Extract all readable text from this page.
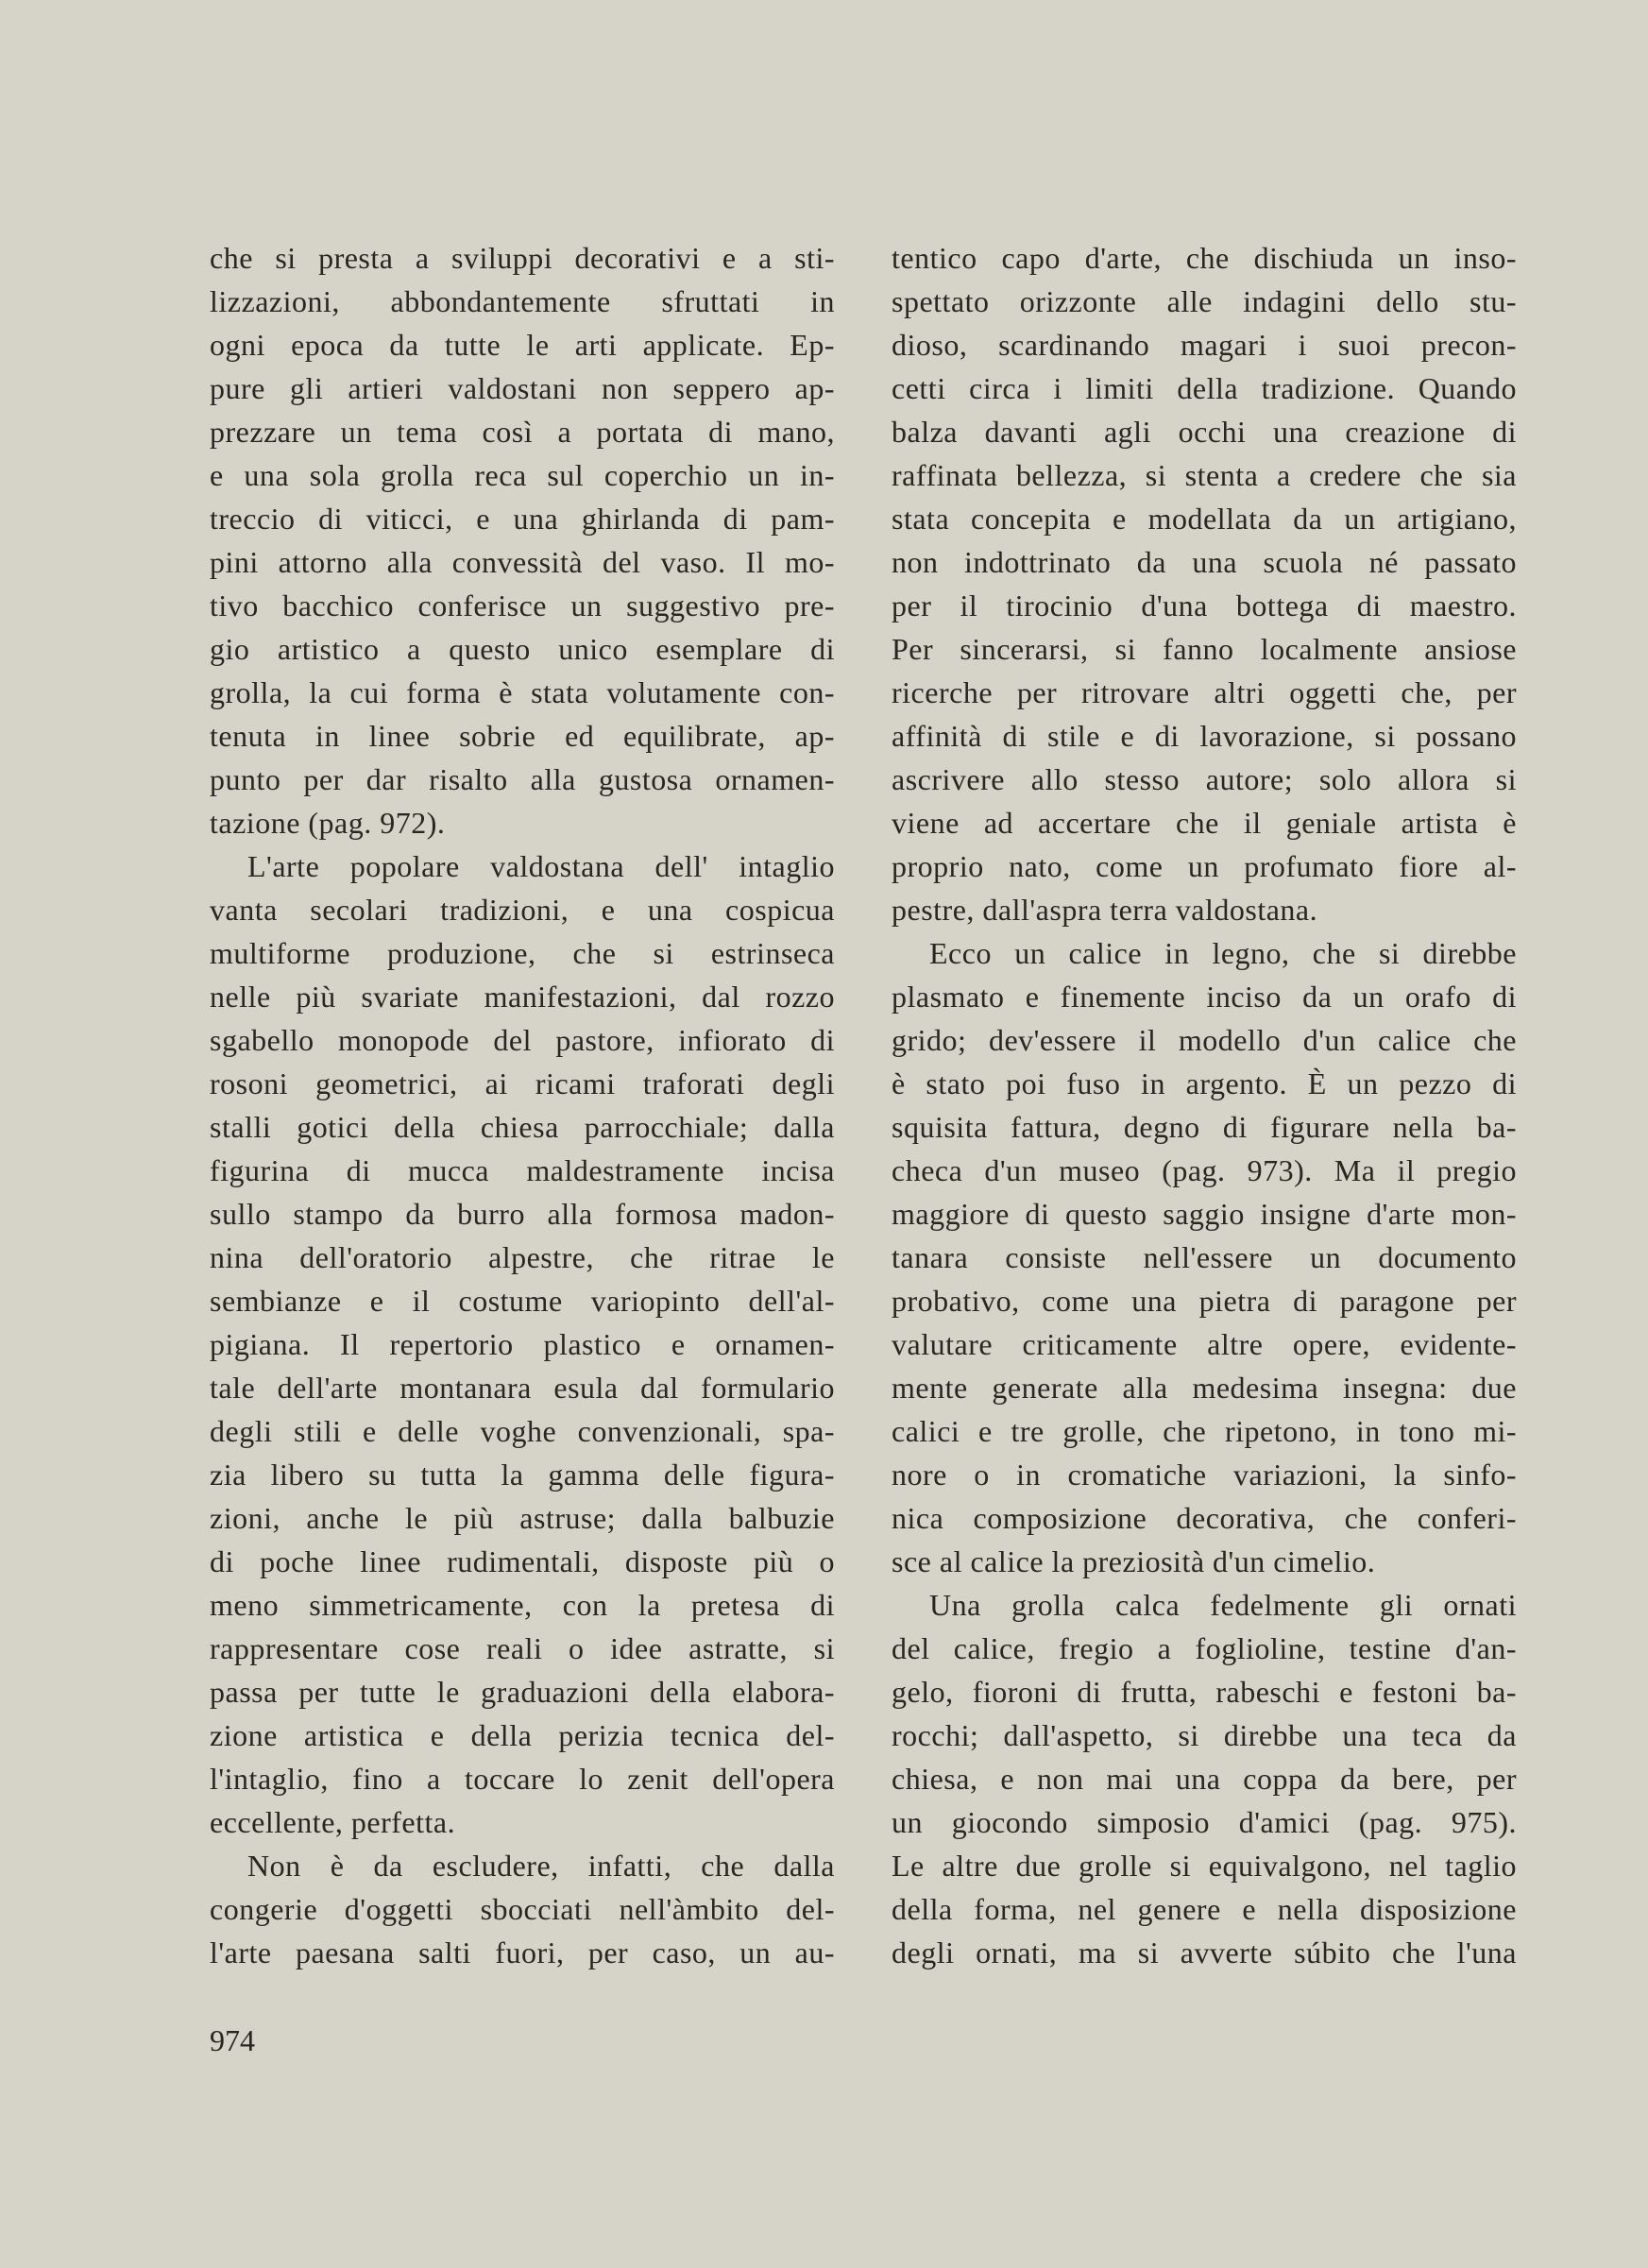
che si presta a sviluppi decorativi e a sti-
lizzazioni, abbondantemente sfruttati in
ogni epoca da tutte le arti applicate. Ep-
pure gli artieri valdostani non seppero ap-
prezzare un tema così a portata di mano,
e una sola grolla reca sul coperchio un in-
treccio di viticci, e una ghirlanda di pam-
pini attorno alla convessità del vaso. Il mo-
tivo bacchico conferisce un suggestivo pre-
gio artistico a questo unico esemplare di
grolla, la cui forma è stata volutamente con-
tenuta in linee sobrie ed equilibrate, ap-
punto per dar risalto alla gustosa ornamen-
tazione (pag. 972).
L'arte popolare valdostana dell' intaglio
vanta secolari tradizioni, e una cospicua
multiforme produzione, che si estrinseca
nelle più svariate manifestazioni, dal rozzo
sgabello monopode del pastore, infiorato di
rosoni geometrici, ai ricami traforati degli
stalli gotici della chiesa parrocchiale; dalla
figurina di mucca maldestramente incisa
sullo stampo da burro alla formosa madon-
nina dell'oratorio alpestre, che ritrae le
sembianze e il costume variopinto dell'al-
pigiana. Il repertorio plastico e ornamen-
tale dell'arte montanara esula dal formulario
degli stili e delle voghe convenzionali, spa-
zia libero su tutta la gamma delle figura-
zioni, anche le più astruse; dalla balbuzie
di poche linee rudimentali, disposte più o
meno simmetricamente, con la pretesa di
rappresentare cose reali o idee astratte, si
passa per tutte le graduazioni della elabora-
zione artistica e della perizia tecnica del-
l'intaglio, fino a toccare lo zenit dell'opera
eccellente, perfetta.
Non è da escludere, infatti, che dalla
congerie d'oggetti sbocciati nell'àmbito del-
l'arte paesana salti fuori, per caso, un au-
tentico capo d'arte, che dischiuda un inso-
spettato orizzonte alle indagini dello stu-
dioso, scardinando magari i suoi precon-
cetti circa i limiti della tradizione. Quando
balza davanti agli occhi una creazione di
raffinata bellezza, si stenta a credere che sia
stata concepita e modellata da un artigiano,
non indottrinato da una scuola né passato
per il tirocinio d'una bottega di maestro.
Per sincerarsi, si fanno localmente ansiose
ricerche per ritrovare altri oggetti che, per
affinità di stile e di lavorazione, si possano
ascrivere allo stesso autore; solo allora si
viene ad accertare che il geniale artista è
proprio nato, come un profumato fiore al-
pestre, dall'aspra terra valdostana.
Ecco un calice in legno, che si direbbe
plasmato e finemente inciso da un orafo di
grido; dev'essere il modello d'un calice che
è stato poi fuso in argento. È un pezzo di
squisita fattura, degno di figurare nella ba-
checa d'un museo (pag. 973). Ma il pregio
maggiore di questo saggio insigne d'arte mon-
tanara consiste nell'essere un documento
probativo, come una pietra di paragone per
valutare criticamente altre opere, evidente-
mente generate alla medesima insegna: due
calici e tre grolle, che ripetono, in tono mi-
nore o in cromatiche variazioni, la sinfo-
nica composizione decorativa, che conferi-
sce al calice la preziosità d'un cimelio.
Una grolla calca fedelmente gli ornati
del calice, fregio a foglioline, testine d'an-
gelo, fioroni di frutta, rabeschi e festoni ba-
rocchi; dall'aspetto, si direbbe una teca da
chiesa, e non mai una coppa da bere, per
un giocondo simposio d'amici (pag. 975).
Le altre due grolle si equivalgono, nel taglio
della forma, nel genere e nella disposizione
degli ornati, ma si avverte súbito che l'una
974
